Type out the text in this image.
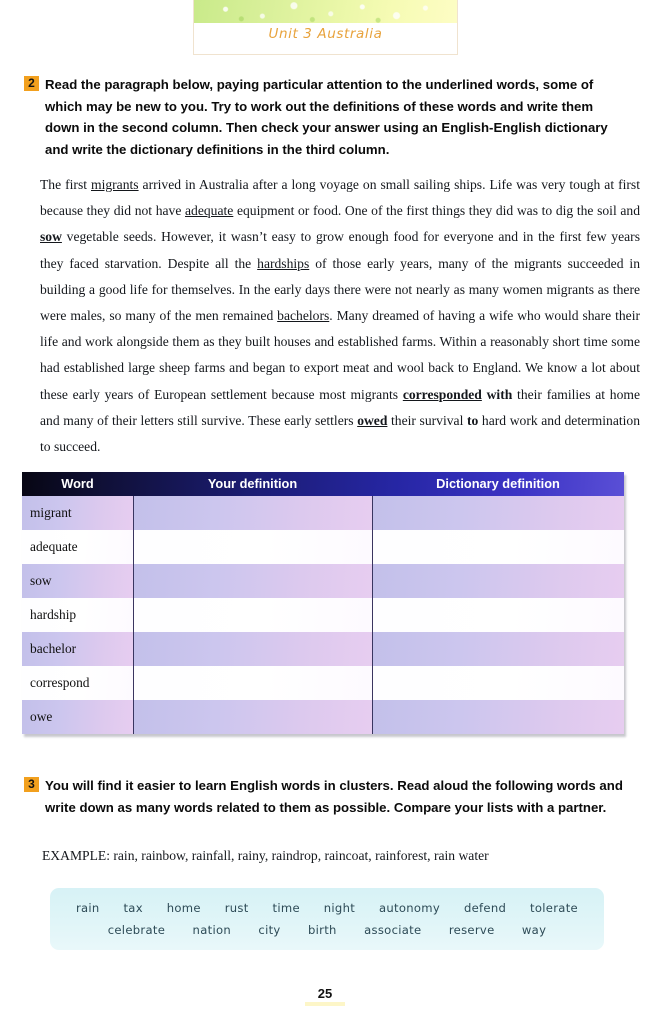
Unit 3 Australia
2 Read the paragraph below, paying particular attention to the underlined words, some of which may be new to you. Try to work out the definitions of these words and write them down in the second column. Then check your answer using an English-English dictionary and write the dictionary definitions in the third column.
The first migrants arrived in Australia after a long voyage on small sailing ships. Life was very tough at first because they did not have adequate equipment or food. One of the first things they did was to dig the soil and sow vegetable seeds. However, it wasn’t easy to grow enough food for everyone and in the first few years they faced starvation. Despite all the hardships of those early years, many of the migrants succeeded in building a good life for themselves. In the early days there were not nearly as many women migrants as there were males, so many of the men remained bachelors. Many dreamed of having a wife who would share their life and work alongside them as they built houses and established farms. Within a reasonably short time some had established large sheep farms and began to export meat and wool back to England. We know a lot about these early years of European settlement because most migrants corresponded with their families at home and many of their letters still survive. These early settlers owed their survival to hard work and determination to succeed.
Word	Your definition	Dictionary definition
migrant
adequate
sow
hardship
bachelor
correspond
owe
3 You will find it easier to learn English words in clusters. Read aloud the following words and write down as many words related to them as possible. Compare your lists with a partner.
EXAMPLE: rain, rainbow, rainfall, rainy, raindrop, raincoat, rainforest, rain water
rain tax home rust time night autonomy defend tolerate
celebrate nation city birth associate reserve way
25
